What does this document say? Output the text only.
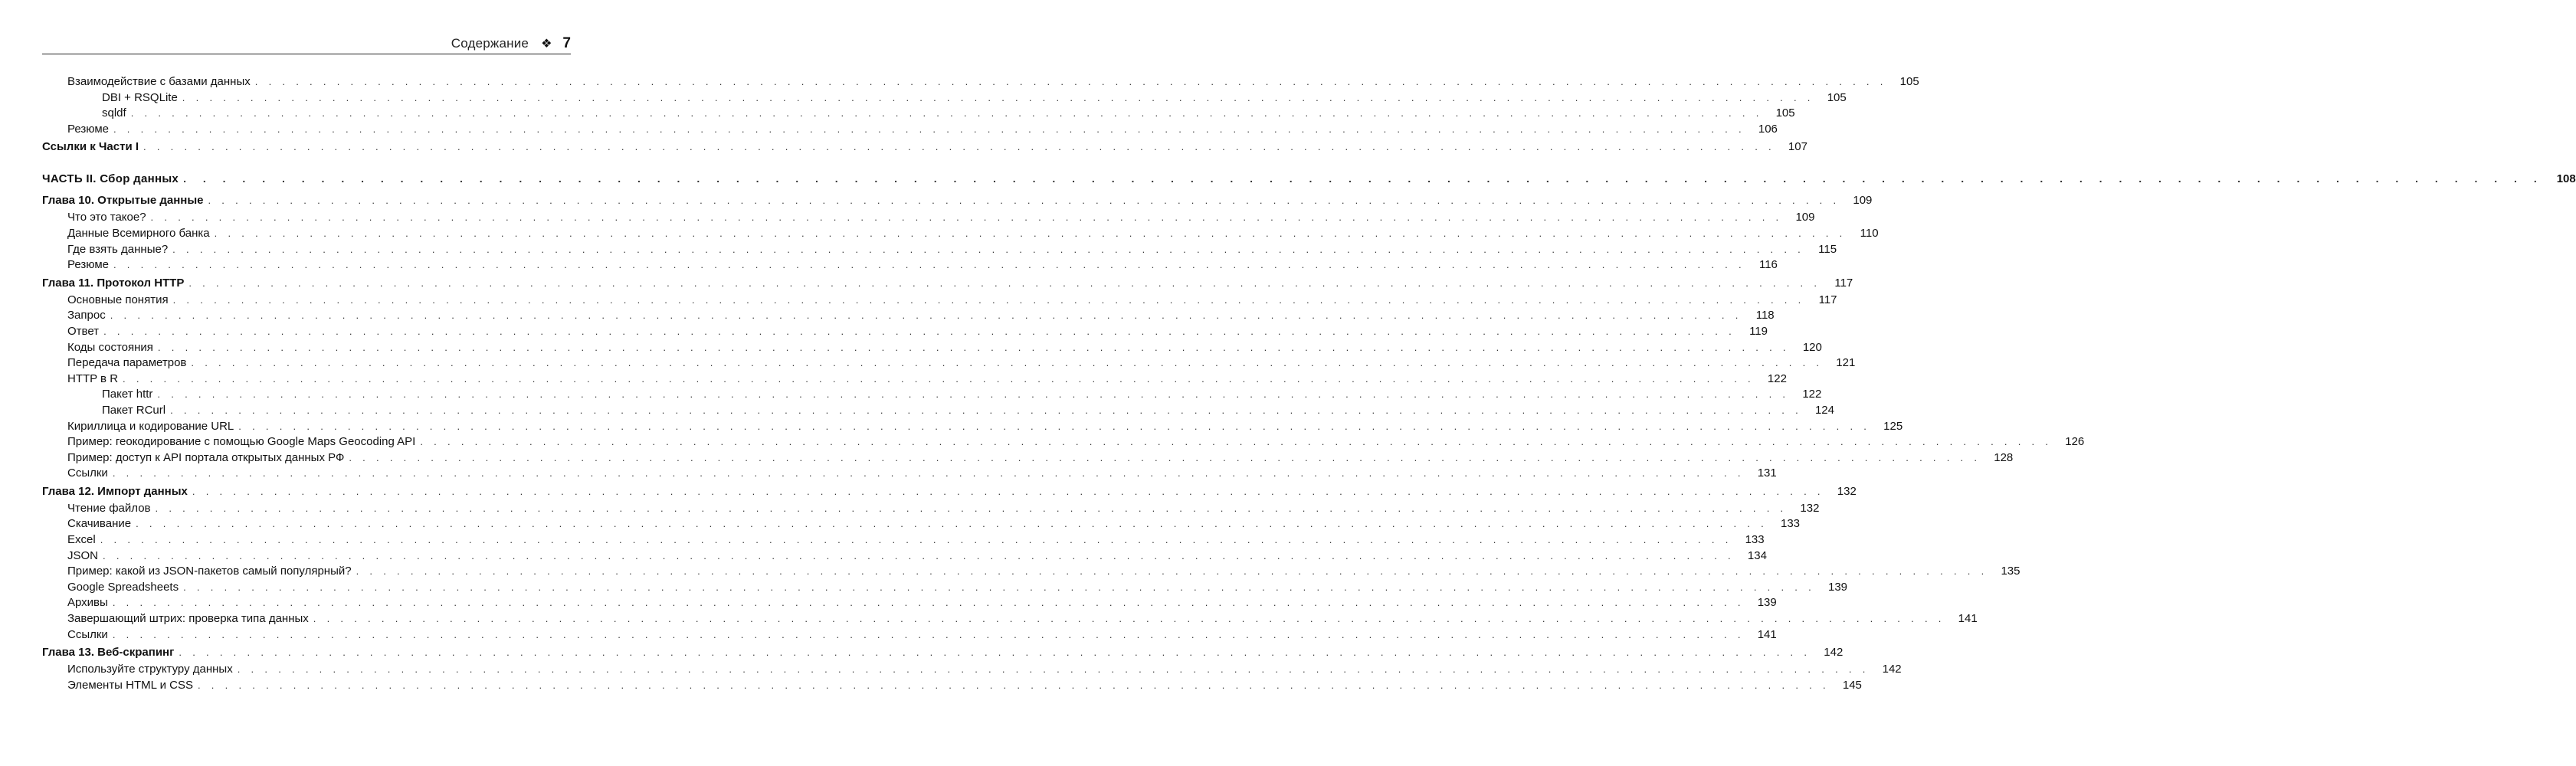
Содержание ❖ 7
Взаимодействие с базами данных . . . . . . . . . . . . . . . . . . . . . . . . . . . . . . . . . . . . . . . . . . . . . . . . . . . . . . . . . . . . . . . . . . . . . . . . . . . . . . . . . . . . . . . . . . . . . . . . . . . . . . . . . . . . . . . . . . . . . . . .	105
DBI + RSQLite . . . . . . . . . . . . . . . . . . . . . . . . . . . . . . . . . . . . . . . . . . . . . . . . . . . . . . . . . . . . . . . . . . . . . . . . . . . . . . . . . . . . . . . . . . . . . . . . . . . . . . . . . . . . . . . . . . . . . . . .	105
sqldf . . . . . . . . . . . . . . . . . . . . . . . . . . . . . . . . . . . . . . . . . . . . . . . . . . . . . . . . . . . . . . . . . . . . . . . . . . . . . . . . . . . . . . . . . . . . . . . . . . . . . . . . . . . . . . . . . . . . . . . .	105
Резюме . . . . . . . . . . . . . . . . . . . . . . . . . . . . . . . . . . . . . . . . . . . . . . . . . . . . . . . . . . . . . . . . . . . . . . . . . . . . . . . . . . . . . . . . . . . . . . . . . . . . . . . . . . . . . . . . . . . . . . . .	106
Ссылки к Части I . . . . . . . . . . . . . . . . . . . . . . . . . . . . . . . . . . . . . . . . . . . . . . . . . . . . . . . . . . . . . . . . . . . . . . . . . . . . . . . . . . . . . . . . . . . . . . . . . . . . . . . . . . . . . . . . . . . . . . . .	107
ЧАСТЬ II. Сбор данных . . . . . . . . . . . . . . . . . . . . . . . . . . . . . . . . . . . . . . . . . . . . . . . . . . . . . . . . . . . . . . . . . . . . . . . . . . . . . . . . . . . . . . . . . . . . . . . . . . . . . . . . . . . . . . . . . . . . . . . .	108
Глава 10. Открытые данные . . . . . . . . . . . . . . . . . . . . . . . . . . . . . . . . . . . . . . . . . . . . . . . . . . . . . . . . . . . . . . . . . . . . . . . . . . . . . . . . . . . . . . . . . . . . . . . . . . . . . . . . . . . . . . . . . . . . . . . .	109
Что это такое? . . . . . . . . . . . . . . . . . . . . . . . . . . . . . . . . . . . . . . . . . . . . . . . . . . . . . . . . . . . . . . . . . . . . . . . . . . . . . . . . . . . . . . . . . . . . . . . . . . . . . . . . . . . . . . . . . . . . . . . .	109
Данные Всемирного банка . . . . . . . . . . . . . . . . . . . . . . . . . . . . . . . . . . . . . . . . . . . . . . . . . . . . . . . . . . . . . . . . . . . . . . . . . . . . . . . . . . . . . . . . . . . . . . . . . . . . . . . . . . . . . . . . . . . . . . . .	110
Где взять данные? . . . . . . . . . . . . . . . . . . . . . . . . . . . . . . . . . . . . . . . . . . . . . . . . . . . . . . . . . . . . . . . . . . . . . . . . . . . . . . . . . . . . . . . . . . . . . . . . . . . . . . . . . . . . . . . . . . . . . . . .	115
Резюме . . . . . . . . . . . . . . . . . . . . . . . . . . . . . . . . . . . . . . . . . . . . . . . . . . . . . . . . . . . . . . . . . . . . . . . . . . . . . . . . . . . . . . . . . . . . . . . . . . . . . . . . . . . . . . . . . . . . . . . .	116
Глава 11. Протокол HTTP . . . . . . . . . . . . . . . . . . . . . . . . . . . . . . . . . . . . . . . . . . . . . . . . . . . . . . . . . . . . . . . . . . . . . . . . . . . . . . . . . . . . . . . . . . . . . . . . . . . . . . . . . . . . . . . . . . . . . . . .	117
Основные понятия . . . . . . . . . . . . . . . . . . . . . . . . . . . . . . . . . . . . . . . . . . . . . . . . . . . . . . . . . . . . . . . . . . . . . . . . . . . . . . . . . . . . . . . . . . . . . . . . . . . . . . . . . . . . . . . . . . . . . . . .	117
Запрос . . . . . . . . . . . . . . . . . . . . . . . . . . . . . . . . . . . . . . . . . . . . . . . . . . . . . . . . . . . . . . . . . . . . . . . . . . . . . . . . . . . . . . . . . . . . . . . . . . . . . . . . . . . . . . . . . . . . . . . .	118
Ответ . . . . . . . . . . . . . . . . . . . . . . . . . . . . . . . . . . . . . . . . . . . . . . . . . . . . . . . . . . . . . . . . . . . . . . . . . . . . . . . . . . . . . . . . . . . . . . . . . . . . . . . . . . . . . . . . . . . . . . . .	119
Коды состояния . . . . . . . . . . . . . . . . . . . . . . . . . . . . . . . . . . . . . . . . . . . . . . . . . . . . . . . . . . . . . . . . . . . . . . . . . . . . . . . . . . . . . . . . . . . . . . . . . . . . . . . . . . . . . . . . . . . . . . . .	120
Передача параметров . . . . . . . . . . . . . . . . . . . . . . . . . . . . . . . . . . . . . . . . . . . . . . . . . . . . . . . . . . . . . . . . . . . . . . . . . . . . . . . . . . . . . . . . . . . . . . . . . . . . . . . . . . . . . . . . . . . . . . . .	121
HTTP в R . . . . . . . . . . . . . . . . . . . . . . . . . . . . . . . . . . . . . . . . . . . . . . . . . . . . . . . . . . . . . . . . . . . . . . . . . . . . . . . . . . . . . . . . . . . . . . . . . . . . . . . . . . . . . . . . . . . . . . . .	122
Пакет httr . . . . . . . . . . . . . . . . . . . . . . . . . . . . . . . . . . . . . . . . . . . . . . . . . . . . . . . . . . . . . . . . . . . . . . . . . . . . . . . . . . . . . . . . . . . . . . . . . . . . . . . . . . . . . . . . . . . . . . . .	122
Пакет RCurl . . . . . . . . . . . . . . . . . . . . . . . . . . . . . . . . . . . . . . . . . . . . . . . . . . . . . . . . . . . . . . . . . . . . . . . . . . . . . . . . . . . . . . . . . . . . . . . . . . . . . . . . . . . . . . . . . . . . . . . .	124
Кириллица и кодирование URL . . . . . . . . . . . . . . . . . . . . . . . . . . . . . . . . . . . . . . . . . . . . . . . . . . . . . . . . . . . . . . . . . . . . . . . . . . . . . . . . . . . . . . . . . . . . . . . . . . . . . . . . . . . . . . . . . . . . . . . .	125
Пример: геокодирование с помощью Google Maps Geocoding API . . . . . . . . . . . . . . . . . . . . . . . . . . . . . . . . . . . . . . . . . . . . . . . . . . . . . . . . . . . . . . . . . . . . . . . . . . . . . . . . . . . . . . . . . . . . . . . . . . . . . . . . . . . . . . . . . . . . . . . .	126
Пример: доступ к API портала открытых данных РФ . . . . . . . . . . . . . . . . . . . . . . . . . . . . . . . . . . . . . . . . . . . . . . . . . . . . . . . . . . . . . . . . . . . . . . . . . . . . . . . . . . . . . . . . . . . . . . . . . . . . . . . . . . . . . . . . . . . . . . . .	128
Ссылки . . . . . . . . . . . . . . . . . . . . . . . . . . . . . . . . . . . . . . . . . . . . . . . . . . . . . . . . . . . . . . . . . . . . . . . . . . . . . . . . . . . . . . . . . . . . . . . . . . . . . . . . . . . . . . . . . . . . . . . .	131
Глава 12. Импорт данных . . . . . . . . . . . . . . . . . . . . . . . . . . . . . . . . . . . . . . . . . . . . . . . . . . . . . . . . . . . . . . . . . . . . . . . . . . . . . . . . . . . . . . . . . . . . . . . . . . . . . . . . . . . . . . . . . . . . . . . .	132
Чтение файлов . . . . . . . . . . . . . . . . . . . . . . . . . . . . . . . . . . . . . . . . . . . . . . . . . . . . . . . . . . . . . . . . . . . . . . . . . . . . . . . . . . . . . . . . . . . . . . . . . . . . . . . . . . . . . . . . . . . . . . . .	132
Скачивание . . . . . . . . . . . . . . . . . . . . . . . . . . . . . . . . . . . . . . . . . . . . . . . . . . . . . . . . . . . . . . . . . . . . . . . . . . . . . . . . . . . . . . . . . . . . . . . . . . . . . . . . . . . . . . . . . . . . . . . .	133
Excel . . . . . . . . . . . . . . . . . . . . . . . . . . . . . . . . . . . . . . . . . . . . . . . . . . . . . . . . . . . . . . . . . . . . . . . . . . . . . . . . . . . . . . . . . . . . . . . . . . . . . . . . . . . . . . . . . . . . . . . .	133
JSON . . . . . . . . . . . . . . . . . . . . . . . . . . . . . . . . . . . . . . . . . . . . . . . . . . . . . . . . . . . . . . . . . . . . . . . . . . . . . . . . . . . . . . . . . . . . . . . . . . . . . . . . . . . . . . . . . . . . . . . .	134
Пример: какой из JSON-пакетов самый популярный? . . . . . . . . . . . . . . . . . . . . . . . . . . . . . . . . . . . . . . . . . . . . . . . . . . . . . . . . . . . . . . . . . . . . . . . . . . . . . . . . . . . . . . . . . . . . . . . . . . . . . . . . . . . . . . . . . . . . . . . .	135
Google Spreadsheets . . . . . . . . . . . . . . . . . . . . . . . . . . . . . . . . . . . . . . . . . . . . . . . . . . . . . . . . . . . . . . . . . . . . . . . . . . . . . . . . . . . . . . . . . . . . . . . . . . . . . . . . . . . . . . . . . . . . . . . .	139
Архивы . . . . . . . . . . . . . . . . . . . . . . . . . . . . . . . . . . . . . . . . . . . . . . . . . . . . . . . . . . . . . . . . . . . . . . . . . . . . . . . . . . . . . . . . . . . . . . . . . . . . . . . . . . . . . . . . . . . . . . . .	139
Завершающий штрих: проверка типа данных . . . . . . . . . . . . . . . . . . . . . . . . . . . . . . . . . . . . . . . . . . . . . . . . . . . . . . . . . . . . . . . . . . . . . . . . . . . . . . . . . . . . . . . . . . . . . . . . . . . . . . . . . . . . . . . . . . . . . . . .	141
Ссылки . . . . . . . . . . . . . . . . . . . . . . . . . . . . . . . . . . . . . . . . . . . . . . . . . . . . . . . . . . . . . . . . . . . . . . . . . . . . . . . . . . . . . . . . . . . . . . . . . . . . . . . . . . . . . . . . . . . . . . . .	141
Глава 13. Веб-скрапинг . . . . . . . . . . . . . . . . . . . . . . . . . . . . . . . . . . . . . . . . . . . . . . . . . . . . . . . . . . . . . . . . . . . . . . . . . . . . . . . . . . . . . . . . . . . . . . . . . . . . . . . . . . . . . . . . . . . . . . . .	142
Используйте структуру данных . . . . . . . . . . . . . . . . . . . . . . . . . . . . . . . . . . . . . . . . . . . . . . . . . . . . . . . . . . . . . . . . . . . . . . . . . . . . . . . . . . . . . . . . . . . . . . . . . . . . . . . . . . . . . . . . . . . . . . . .	142
Элементы HTML и CSS . . . . . . . . . . . . . . . . . . . . . . . . . . . . . . . . . . . . . . . . . . . . . . . . . . . . . . . . . . . . . . . . . . . . . . . . . . . . . . . . . . . . . . . . . . . . . . . . . . . . . . . . . . . . . . . . . . . . . . . .	145
